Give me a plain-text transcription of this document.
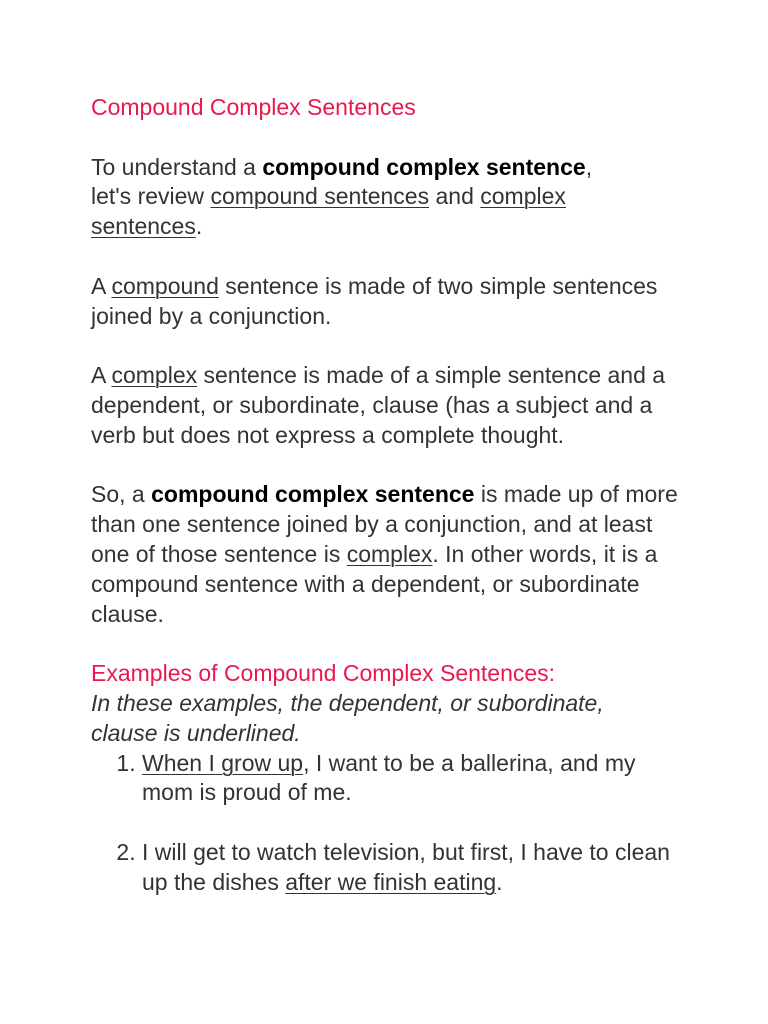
Compound Complex Sentences

To understand a compound complex sentence,
let's review compound sentences and complex
sentences.

A compound sentence is made of two simple sentences joined by a conjunction.

A complex sentence is made of a simple sentence and a dependent, or subordinate, clause (has a subject and a verb but does not express a complete thought.

So, a compound complex sentence is made up of more than one sentence joined by a conjunction, and at least one of those sentence is complex. In other words, it is a compound sentence with a dependent, or subordinate clause.

Examples of Compound Complex Sentences:

In these examples, the dependent, or subordinate, clause is underlined.

1. When I grow up, I want to be a ballerina, and my mom is proud of me.
2. I will get to watch television, but first, I have to clean up the dishes after we finish eating.
